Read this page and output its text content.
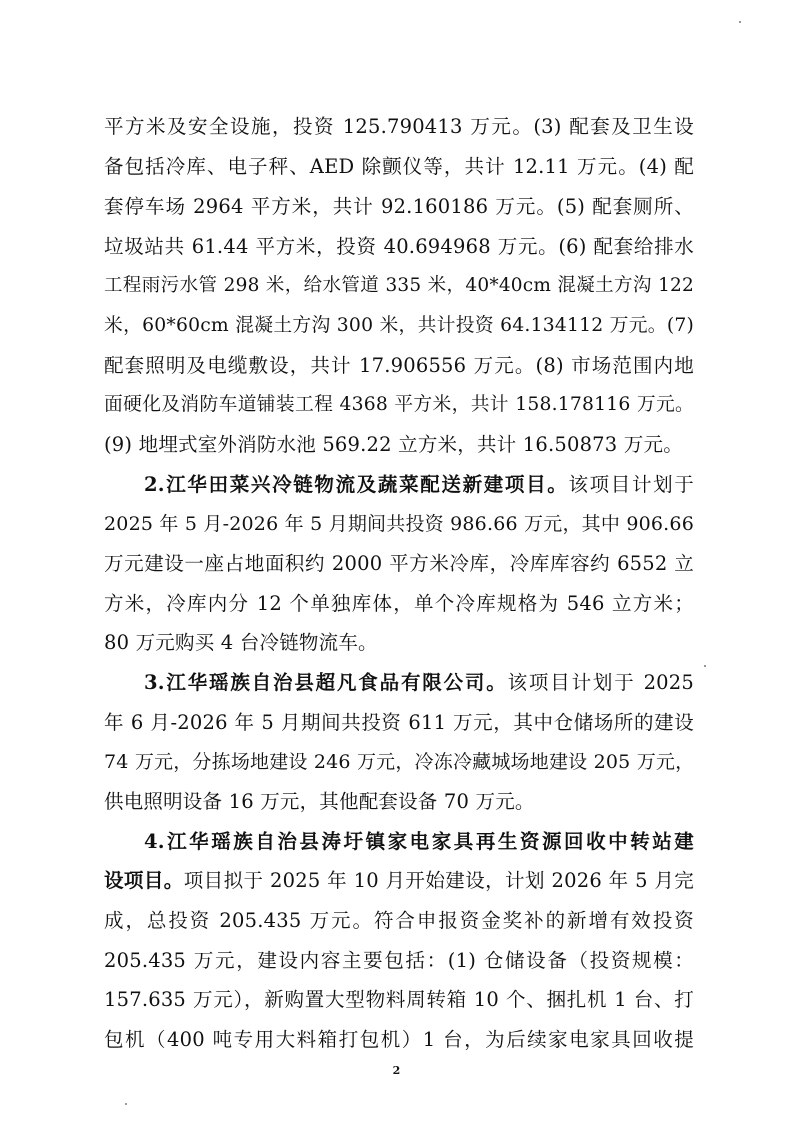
平方米及安全设施，投资 125.790413 万元。(3) 配套及卫生设
备包括冷库、电子秤、AED 除颤仪等，共计 12.11 万元。(4) 配
套停车场 2964 平方米，共计 92.160186 万元。(5) 配套厕所、
垃圾站共 61.44 平方米，投资 40.694968 万元。(6) 配套给排水
工程雨污水管 298 米，给水管道 335 米，40*40cm 混凝土方沟 122
米，60*60cm 混凝土方沟 300 米，共计投资 64.134112 万元。(7)
配套照明及电缆敷设，共计 17.906556 万元。(8) 市场范围内地
面硬化及消防车道铺装工程 4368 平方米，共计 158.178116 万元。
(9) 地埋式室外消防水池 569.22 立方米，共计 16.50873 万元。
2.江华田菜兴冷链物流及蔬菜配送新建项目。该项目计划于
2025 年 5 月-2026 年 5 月期间共投资 986.66 万元，其中 906.66
万元建设一座占地面积约 2000 平方米冷库，冷库库容约 6552 立
方米，冷库内分 12 个单独库体，单个冷库规格为 546 立方米；
80 万元购买 4 台冷链物流车。
3.江华瑶族自治县超凡食品有限公司。该项目计划于 2025
年 6 月-2026 年 5 月期间共投资 611 万元，其中仓储场所的建设
74 万元，分拣场地建设 246 万元，冷冻冷藏城场地建设 205 万元，
供电照明设备 16 万元，其他配套设备 70 万元。
4.江华瑶族自治县涛圩镇家电家具再生资源回收中转站建
设项目。项目拟于 2025 年 10 月开始建设，计划 2026 年 5 月完
成，总投资 205.435 万元。符合申报资金奖补的新增有效投资
205.435 万元，建设内容主要包括：(1) 仓储设备（投资规模：
157.635 万元），新购置大型物料周转箱 10 个、捆扎机 1 台、打
包机（400 吨专用大料箱打包机）1 台，为后续家电家具回收提
2
